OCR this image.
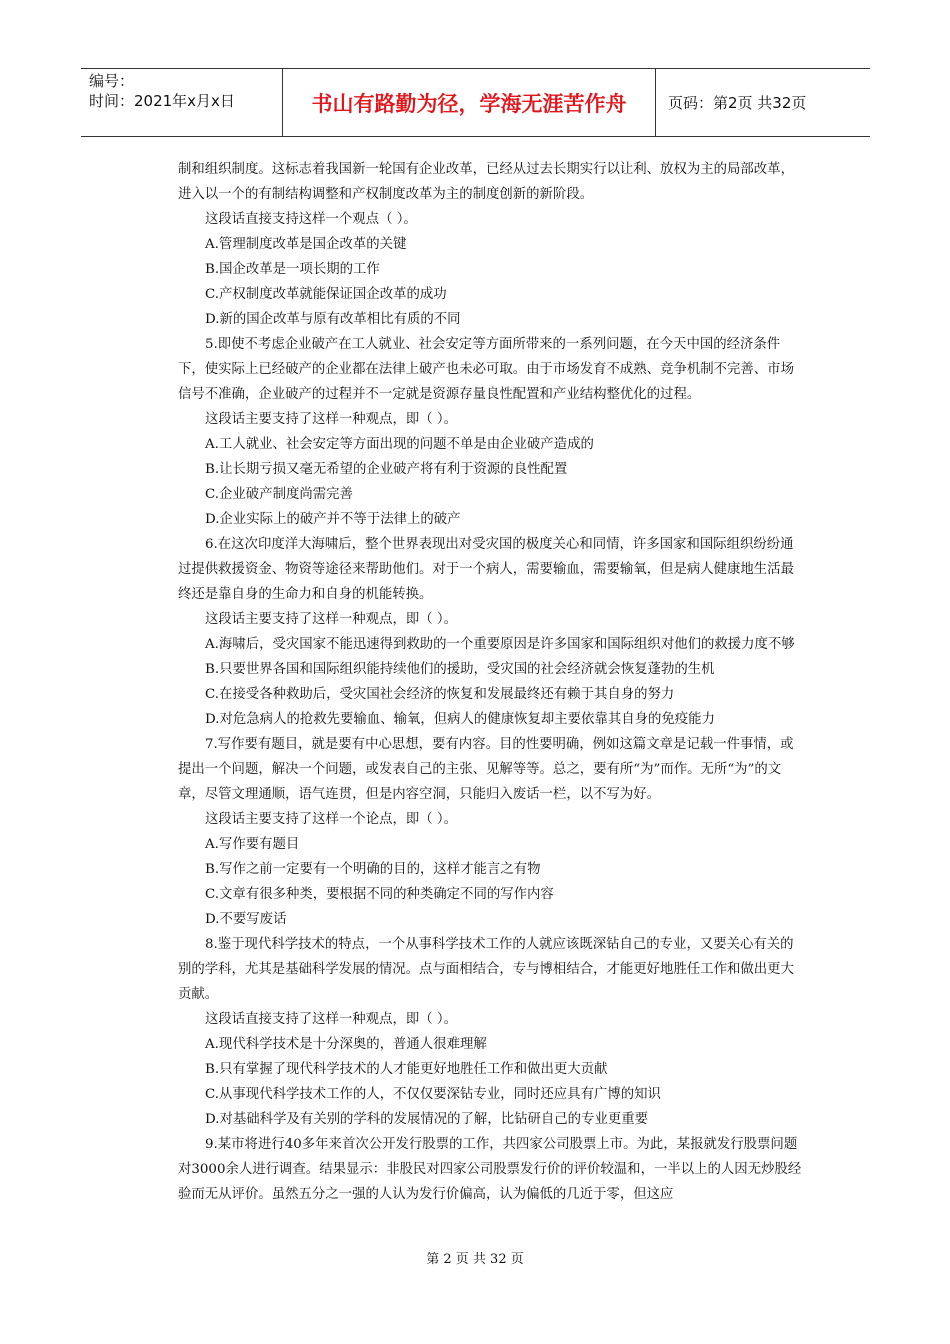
编号：
时间：2021年x月x日	书山有路勤为径，学海无涯苦作舟	页码：第2页 共32页

制和组织制度。这标志着我国新一轮国有企业改革，已经从过去长期实行以让利、放权为主的局部改革，进入以一个的有制结构调整和产权制度改革为主的制度创新的新阶段。

这段话直接支持这样一个观点（ ）。

A.管理制度改革是国企改革的关键

B.国企改革是一项长期的工作

C.产权制度改革就能保证国企改革的成功

D.新的国企改革与原有改革相比有质的不同

5.即使不考虑企业破产在工人就业、社会安定等方面所带来的一系列问题，在今天中国的经济条件下，使实际上已经破产的企业都在法律上破产也未必可取。由于市场发育不成熟、竞争机制不完善、市场信号不准确，企业破产的过程并不一定就是资源存量良性配置和产业结构整优化的过程。

这段话主要支持了这样一种观点，即（ ）。

A.工人就业、社会安定等方面出现的问题不单是由企业破产造成的

B.让长期亏损又毫无希望的企业破产将有利于资源的良性配置

C.企业破产制度尚需完善

D.企业实际上的破产并不等于法律上的破产

6.在这次印度洋大海啸后，整个世界表现出对受灾国的极度关心和同情，许多国家和国际组织纷纷通过提供救援资金、物资等途径来帮助他们。对于一个病人，需要输血，需要输氧，但是病人健康地生活最终还是靠自身的生命力和自身的机能转换。

这段话主要支持了这样一种观点，即（ ）。

A.海啸后，受灾国家不能迅速得到救助的一个重要原因是许多国家和国际组织对他们的救援力度不够

B.只要世界各国和国际组织能持续他们的援助，受灾国的社会经济就会恢复蓬勃的生机

C.在接受各种救助后，受灾国社会经济的恢复和发展最终还有赖于其自身的努力

D.对危急病人的抢救先要输血、输氧，但病人的健康恢复却主要依靠其自身的免疫能力

7.写作要有题目，就是要有中心思想，要有内容。目的性要明确，例如这篇文章是记载一件事情，或提出一个问题，解决一个问题，或发表自己的主张、见解等等。总之，要有所“为”而作。无所“为”的文章，尽管文理通顺，语气连贯，但是内容空洞，只能归入废话一栏，以不写为好。

这段话主要支持了这样一个论点，即（ ）。

A.写作要有题目

B.写作之前一定要有一个明确的目的，这样才能言之有物

C.文章有很多种类，要根据不同的种类确定不同的写作内容

D.不要写废话

8.鉴于现代科学技术的特点，一个从事科学技术工作的人就应该既深钻自己的专业，又要关心有关的别的学科，尤其是基础科学发展的情况。点与面相结合，专与博相结合，才能更好地胜任工作和做出更大贡献。

这段话直接支持了这样一种观点，即（ ）。

A.现代科学技术是十分深奥的，普通人很难理解

B.只有掌握了现代科学技术的人才能更好地胜任工作和做出更大贡献

C.从事现代科学技术工作的人，不仅仅要深钻专业，同时还应具有广博的知识

D.对基础科学及有关别的学科的发展情况的了解，比钻研自己的专业更重要

9.某市将进行40多年来首次公开发行股票的工作，共四家公司股票上市。为此，某报就发行股票问题对3000余人进行调查。结果显示：非股民对四家公司股票发行价的评价较温和，一半以上的人因无炒股经验而无从评价。虽然五分之一强的人认为发行价偏高，认为偏低的几近于零，但这应

第 2 页 共 32 页
